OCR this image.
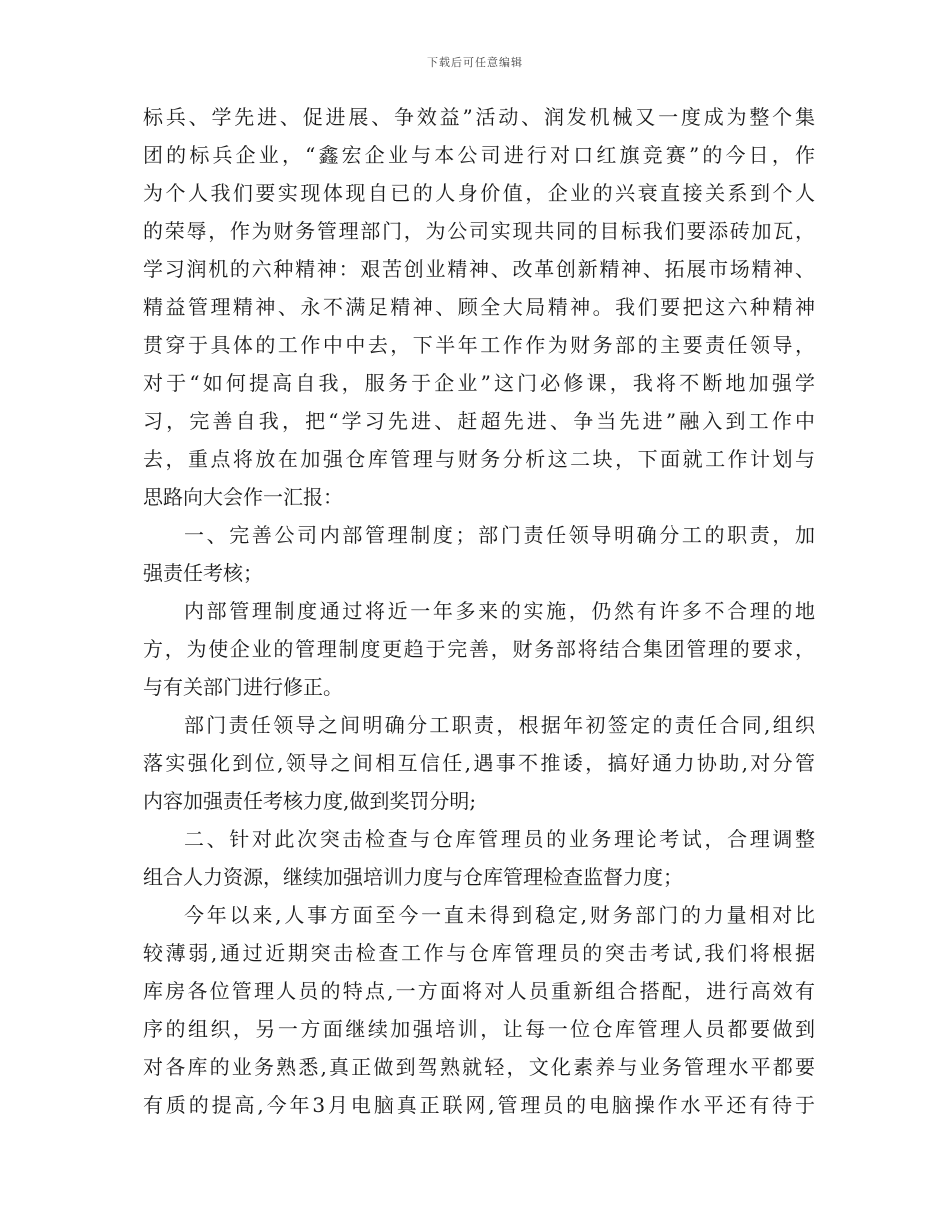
下载后可任意编辑
标兵、学先进、促进展、争效益”活动、润发机械又一度成为整个集
团的标兵企业，“鑫宏企业与本公司进行对口红旗竞赛”的今日，作
为个人我们要实现体现自已的人身价值，企业的兴衰直接关系到个人
的荣辱，作为财务管理部门，为公司实现共同的目标我们要添砖加瓦，
学习润机的六种精神：艰苦创业精神、改革创新精神、拓展市场精神、
精益管理精神、永不满足精神、顾全大局精神。我们要把这六种精神
贯穿于具体的工作中中去，下半年工作作为财务部的主要责任领导，
对于“如何提高自我，服务于企业”这门必修课，我将不断地加强学
习，完善自我，把“学习先进、赶超先进、争当先进”融入到工作中
去，重点将放在加强仓库管理与财务分析这二块，下面就工作计划与
思路向大会作一汇报：
一、完善公司内部管理制度；部门责任领导明确分工的职责，加
强责任考核；
内部管理制度通过将近一年多来的实施，仍然有许多不合理的地
方，为使企业的管理制度更趋于完善，财务部将结合集团管理的要求，
与有关部门进行修正。
部门责任领导之间明确分工职责，根据年初签定的责任合同,组织
落实强化到位,领导之间相互信任,遇事不推诿，搞好通力协助,对分管
内容加强责任考核力度,做到奖罚分明;
二、针对此次突击检查与仓库管理员的业务理论考试，合理调整
组合人力资源，继续加强培训力度与仓库管理检查监督力度；
今年以来,人事方面至今一直未得到稳定,财务部门的力量相对比
较薄弱,通过近期突击检查工作与仓库管理员的突击考试,我们将根据
库房各位管理人员的特点,一方面将对人员重新组合搭配，进行高效有
序的组织，另一方面继续加强培训，让每一位仓库管理人员都要做到
对各库的业务熟悉,真正做到驾熟就轻，文化素养与业务管理水平都要
有质的提高,今年3月电脑真正联网,管理员的电脑操作水平还有待于
